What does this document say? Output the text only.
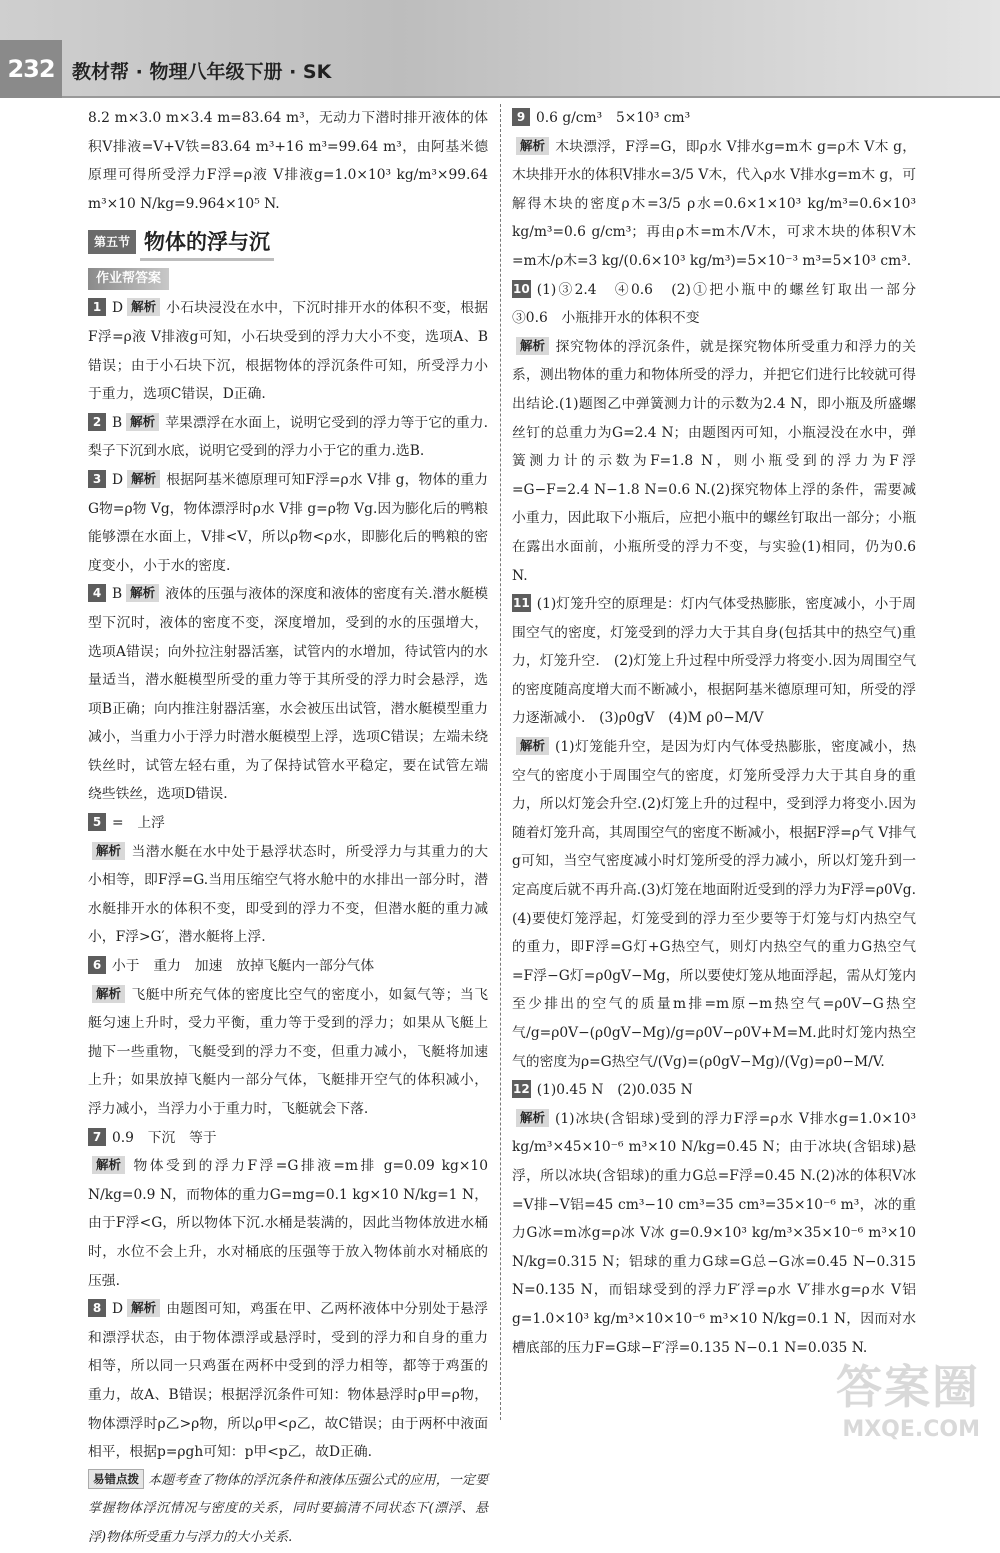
232 教材帮 · 物理八年级下册 · SK

8.2 m×3.0 m×3.4 m=83.64 m³，无动力下潜时排开液体的体积V排液=V+V铁=83.64 m³+16 m³=99.64 m³，由阿基米德原理可得所受浮力F浮=ρ液 V排液g=1.0×10³ kg/m³×99.64 m³×10 N/kg=9.964×10⁵ N.

第五节 物体的浮与沉
作业帮答案

1 D 解析 小石块浸没在水中，下沉时排开水的体积不变，根据F浮=ρ液 V排液g可知，小石块受到的浮力大小不变，选项A、B错误；由于小石块下沉，根据物体的浮沉条件可知，所受浮力小于重力，选项C错误，D正确.

2 B 解析 苹果漂浮在水面上，说明它受到的浮力等于它的重力.梨子下沉到水底，说明它受到的浮力小于它的重力.选B.

3 D 解析 根据阿基米德原理可知F浮=ρ水 V排 g，物体的重力G物=ρ物 Vg，物体漂浮时ρ水 V排 g=ρ物 Vg.因为膨化后的鸭粮能够漂在水面上，V排<V，所以ρ物<ρ水，即膨化后的鸭粮的密度变小，小于水的密度.

4 B 解析 液体的压强与液体的深度和液体的密度有关.潜水艇模型下沉时，液体的密度不变，深度增加，受到的水的压强增大，选项A错误；向外拉注射器活塞，试管内的水增加，待试管内的水量适当，潜水艇模型所受的重力等于其所受的浮力时会悬浮，选项B正确；向内推注射器活塞，水会被压出试管，潜水艇模型重力减小，当重力小于浮力时潜水艇模型上浮，选项C错误；左端未绕铁丝时，试管左轻右重，为了保持试管水平稳定，要在试管左端绕些铁丝，选项D错误.

5 =　上浮

解析 当潜水艇在水中处于悬浮状态时，所受浮力与其重力的大小相等，即F浮=G.当用压缩空气将水舱中的水排出一部分时，潜水艇排开水的体积不变，即受到的浮力不变，但潜水艇的重力减小，F浮>G′，潜水艇将上浮.

6 小于　重力　加速　放掉飞艇内一部分气体

解析 飞艇中所充气体的密度比空气的密度小，如氦气等；当飞艇匀速上升时，受力平衡，重力等于受到的浮力；如果从飞艇上抛下一些重物，飞艇受到的浮力不变，但重力减小，飞艇将加速上升；如果放掉飞艇内一部分气体，飞艇排开空气的体积减小，浮力减小，当浮力小于重力时，飞艇就会下落.

7 0.9　下沉　等于

解析 物体受到的浮力F浮=G排液=m排 g=0.09 kg×10 N/kg=0.9 N，而物体的重力G=mg=0.1 kg×10 N/kg=1 N，由于F浮<G，所以物体下沉.水桶是装满的，因此当物体放进水桶时，水位不会上升，水对桶底的压强等于放入物体前水对桶底的压强.

8 D 解析 由题图可知，鸡蛋在甲、乙两杯液体中分别处于悬浮和漂浮状态，由于物体漂浮或悬浮时，受到的浮力和自身的重力相等，所以同一只鸡蛋在两杯中受到的浮力相等，都等于鸡蛋的重力，故A、B错误；根据浮沉条件可知：物体悬浮时ρ甲=ρ物，物体漂浮时ρ乙>ρ物，所以ρ甲<ρ乙，故C错误；由于两杯中液面相平，根据p=ρgh可知：p甲<p乙，故D正确.

易错点拨 本题考查了物体的浮沉条件和液体压强公式的应用，一定要掌握物体浮沉情况与密度的关系，同时要搞清不同状态下(漂浮、悬浮)物体所受重力与浮力的大小关系.

9 0.6 g/cm³　5×10³ cm³

解析 木块漂浮，F浮=G，即ρ水 V排水g=m木 g=ρ木 V木 g，木块排开水的体积V排水=3/5 V木，代入ρ水 V排水g=m木 g，可解得木块的密度ρ木=3/5 ρ水=0.6×1×10³ kg/m³=0.6×10³ kg/m³=0.6 g/cm³；再由ρ木=m木/V木，可求木块的体积V木=m木/ρ木=3 kg/(0.6×10³ kg/m³)=5×10⁻³ m³=5×10³ cm³.

10 (1)③2.4　④0.6　(2)①把小瓶中的螺丝钉取出一部分　③0.6　小瓶排开水的体积不变

解析 探究物体的浮沉条件，就是探究物体所受重力和浮力的关系，测出物体的重力和物体所受的浮力，并把它们进行比较就可得出结论.(1)题图乙中弹簧测力计的示数为2.4 N，即小瓶及所盛螺丝钉的总重力为G=2.4 N；由题图丙可知，小瓶浸没在水中，弹簧测力计的示数为F=1.8 N，则小瓶受到的浮力为F浮=G−F=2.4 N−1.8 N=0.6 N.(2)探究物体上浮的条件，需要减小重力，因此取下小瓶后，应把小瓶中的螺丝钉取出一部分；小瓶在露出水面前，小瓶所受的浮力不变，与实验(1)相同，仍为0.6 N.

11 (1)灯笼升空的原理是：灯内气体受热膨胀，密度减小，小于周围空气的密度，灯笼受到的浮力大于其自身(包括其中的热空气)重力，灯笼升空.　(2)灯笼上升过程中所受浮力将变小.因为周围空气的密度随高度增大而不断减小，根据阿基米德原理可知，所受的浮力逐渐减小.　(3)ρ0gV　(4)M ρ0−M/V

解析 (1)灯笼能升空，是因为灯内气体受热膨胀，密度减小，热空气的密度小于周围空气的密度，灯笼所受浮力大于其自身的重力，所以灯笼会升空.(2)灯笼上升的过程中，受到浮力将变小.因为随着灯笼升高，其周围空气的密度不断减小，根据F浮=ρ气 V排气g可知，当空气密度减小时灯笼所受的浮力减小，所以灯笼升到一定高度后就不再升高.(3)灯笼在地面附近受到的浮力为F浮=ρ0Vg.(4)要使灯笼浮起，灯笼受到的浮力至少要等于灯笼与灯内热空气的重力，即F浮=G灯+G热空气，则灯内热空气的重力G热空气=F浮−G灯=ρ0gV−Mg，所以要使灯笼从地面浮起，需从灯笼内至少排出的空气的质量m排=m原−m热空气=ρ0V−G热空气/g=ρ0V−(ρ0gV−Mg)/g=ρ0V−ρ0V+M=M.此时灯笼内热空气的密度为ρ=G热空气/(Vg)=(ρ0gV−Mg)/(Vg)=ρ0−M/V.

12 (1)0.45 N　(2)0.035 N

解析 (1)冰块(含铝球)受到的浮力F浮=ρ水 V排水g=1.0×10³ kg/m³×45×10⁻⁶ m³×10 N/kg=0.45 N；由于冰块(含铝球)悬浮，所以冰块(含铝球)的重力G总=F浮=0.45 N.(2)冰的体积V冰=V排−V铝=45 cm³−10 cm³=35 cm³=35×10⁻⁶ m³，冰的重力G冰=m冰g=ρ冰 V冰 g=0.9×10³ kg/m³×35×10⁻⁶ m³×10 N/kg=0.315 N；铝球的重力G球=G总−G冰=0.45 N−0.315 N=0.135 N，而铝球受到的浮力F′浮=ρ水 V′排水g=ρ水 V铝g=1.0×10³ kg/m³×10×10⁻⁶ m³×10 N/kg=0.1 N，因而对水槽底部的压力F=G球−F′浮=0.135 N−0.1 N=0.035 N.

答案圈
MXQE.COM
